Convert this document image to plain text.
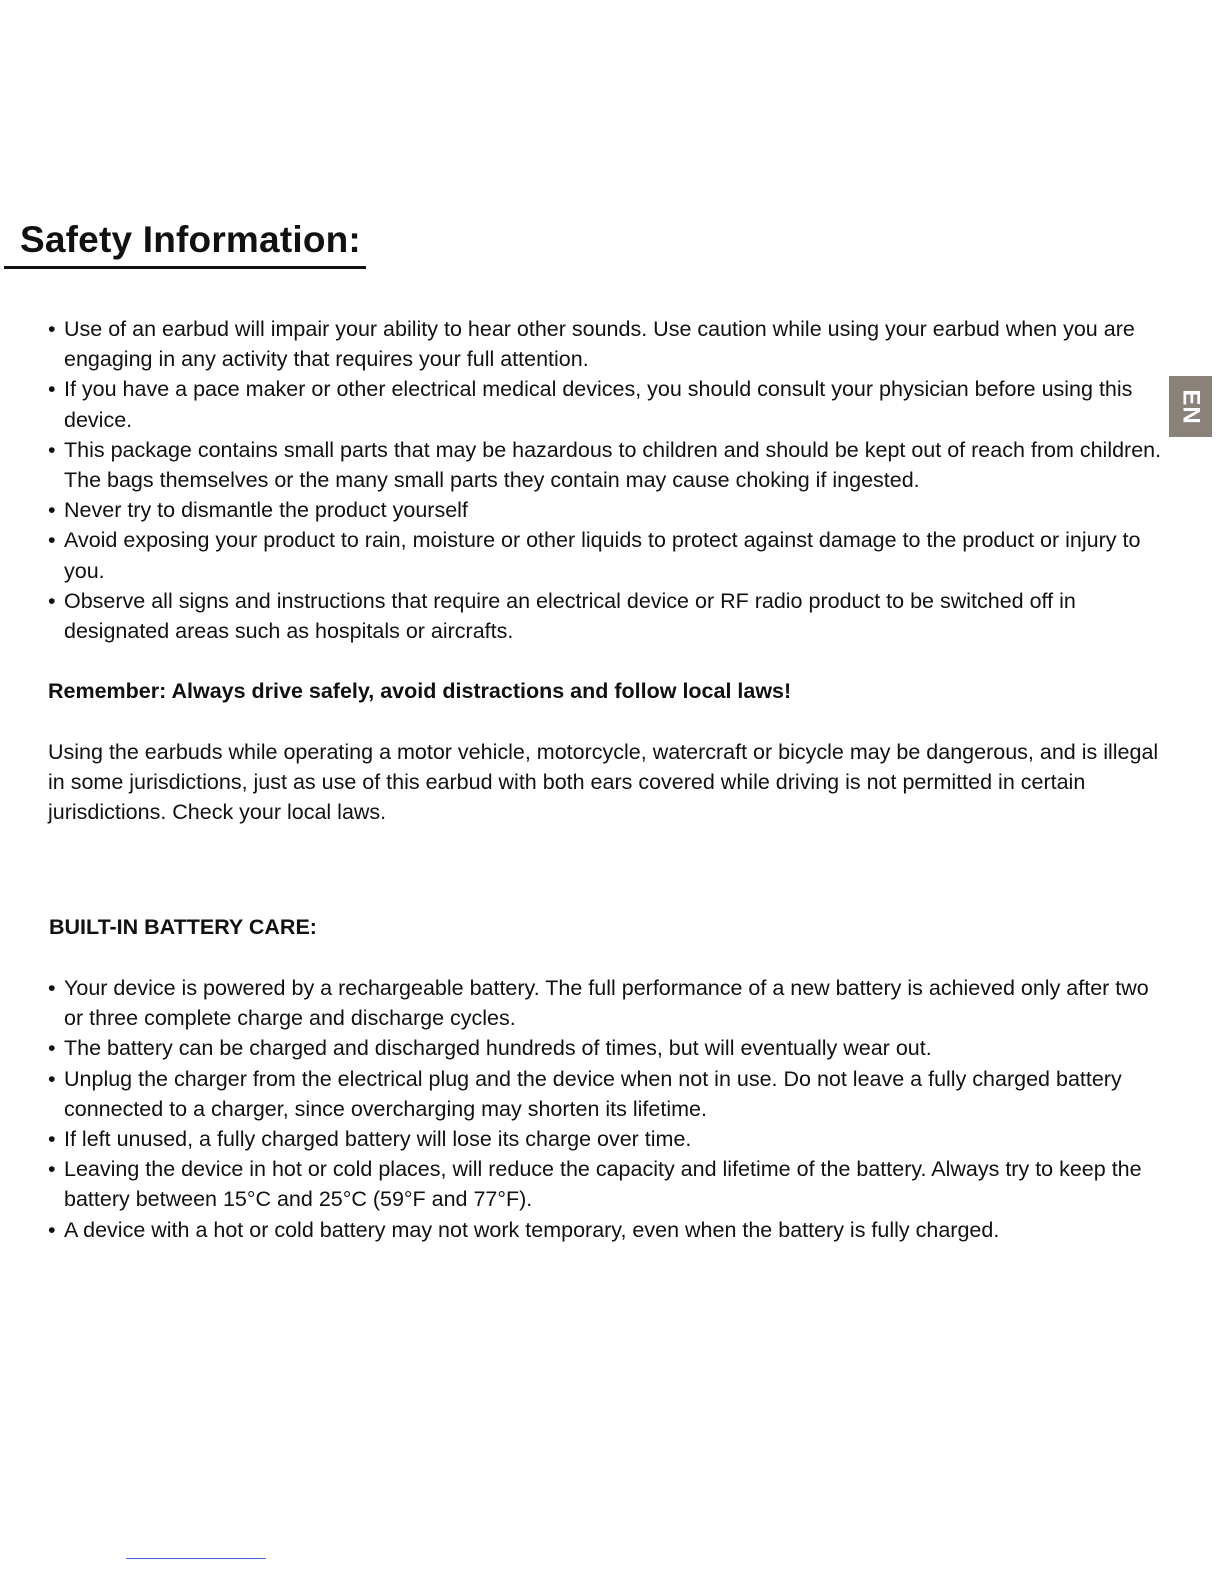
Safety Information:
EN
• Use of an earbud will impair your ability to hear other sounds. Use caution while using your earbud when you are engaging in any activity that requires your full attention.
• If you have a pace maker or other electrical medical devices, you should consult your physician before using this device.
• This package contains small parts that may be hazardous to children and should be kept out of reach from children. The bags themselves or the many small parts they contain may cause choking if ingested.
• Never try to dismantle the product yourself
• Avoid exposing your product to rain, moisture or other liquids to protect against damage to the product or injury to you.
• Observe all signs and instructions that require an electrical device or RF radio product to be switched off in designated areas such as hospitals or aircrafts.

Remember: Always drive safely, avoid distractions and follow local laws!

Using the earbuds while operating a motor vehicle, motorcycle, watercraft or bicycle may be dangerous, and is illegal in some jurisdictions, just as use of this earbud with both ears covered while driving is not permitted in certain jurisdictions. Check your local laws.

BUILT-IN BATTERY CARE:
• Your device is powered by a rechargeable battery. The full performance of a new battery is achieved only after two or three complete charge and discharge cycles.
• The battery can be charged and discharged hundreds of times, but will eventually wear out.
• Unplug the charger from the electrical plug and the device when not in use. Do not leave a fully charged battery connected to a charger, since overcharging may shorten its lifetime.
• If left unused, a fully charged battery will lose its charge over time.
• Leaving the device in hot or cold places, will reduce the capacity and lifetime of the battery. Always try to keep the battery between 15°C and 25°C (59°F and 77°F).
• A device with a hot or cold battery may not work temporary, even when the battery is fully charged.
